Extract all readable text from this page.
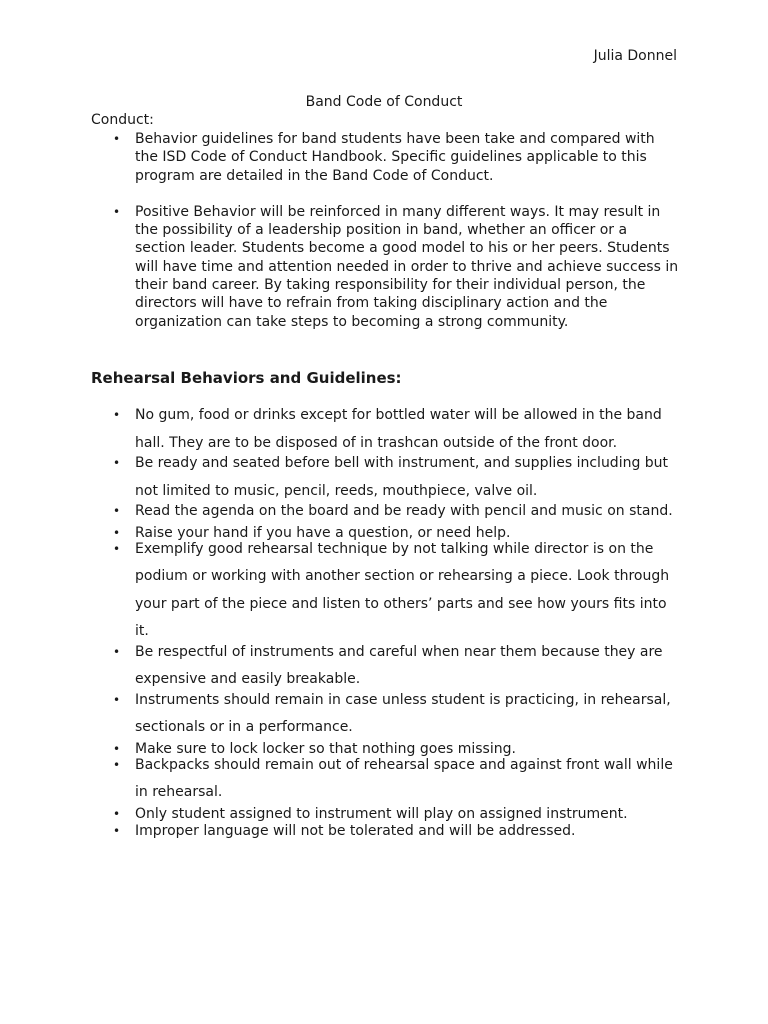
Julia Donnel
Band Code of Conduct
Conduct:
• Behavior guidelines for band students have been take and compared with the ISD Code of Conduct Handbook. Specific guidelines applicable to this program are detailed in the Band Code of Conduct.
• Positive Behavior will be reinforced in many different ways. It may result in the possibility of a leadership position in band, whether an officer or a section leader. Students become a good model to his or her peers. Students will have time and attention needed in order to thrive and achieve success in their band career. By taking responsibility for their individual person, the directors will have to refrain from taking disciplinary action and the organization can take steps to becoming a strong community.
Rehearsal Behaviors and Guidelines:
• No gum, food or drinks except for bottled water will be allowed in the band hall. They are to be disposed of in trashcan outside of the front door.
• Be ready and seated before bell with instrument, and supplies including but not limited to music, pencil, reeds, mouthpiece, valve oil.
• Read the agenda on the board and be ready with pencil and music on stand.
• Raise your hand if you have a question, or need help.
• Exemplify good rehearsal technique by not talking while director is on the podium or working with another section or rehearsing a piece. Look through your part of the piece and listen to others’ parts and see how yours fits into it.
• Be respectful of instruments and careful when near them because they are expensive and easily breakable.
• Instruments should remain in case unless student is practicing, in rehearsal, sectionals or in a performance.
• Make sure to lock locker so that nothing goes missing.
• Backpacks should remain out of rehearsal space and against front wall while in rehearsal.
• Only student assigned to instrument will play on assigned instrument.
• Improper language will not be tolerated and will be addressed.
